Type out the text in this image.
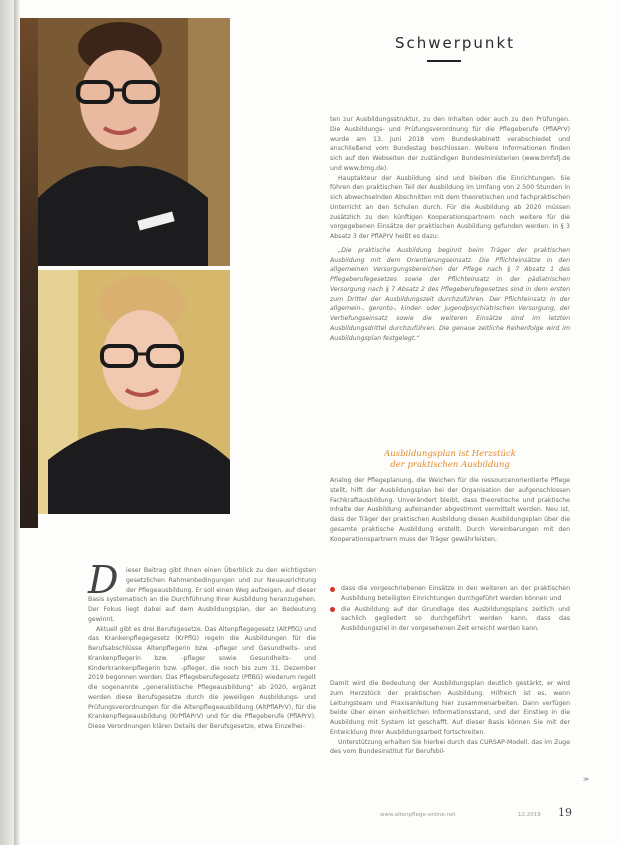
Schwerpunkt

ten zur Ausbildungsstruktur, zu den Inhalten oder auch zu den Prüfungen. Die Ausbildungs- und Prüfungsverordnung für die Pflegeberufe (PflAPrV) wurde am 13. Juni 2018 vom Bundeskabinett verabschiedet und anschließend vom Bundestag beschlossen. Weitere Informationen finden sich auf den Webseiten der zuständigen Bundesministerien (www.bmfsfj.de und www.bmg.de).

Hauptakteur der Ausbildung sind und bleiben die Einrichtungen. Sie führen den praktischen Teil der Ausbildung im Umfang von 2.500 Stunden in sich abwechselnden Abschnitten mit dem theoretischen und fachpraktischen Unterricht an den Schulen durch. Für die Ausbildung ab 2020 müssen zusätzlich zu den künftigen Kooperationspartnern noch weitere für die vorgegebenen Einsätze der praktischen Ausbildung gefunden werden. In § 3 Absatz 3 der PflAPrV heißt es dazu:

„Die praktische Ausbildung beginnt beim Träger der praktischen Ausbildung mit dem Orientierungseinsatz. Die Pflichteinsätze in den allgemeinen Versorgungsbereichen der Pflege nach § 7 Absatz 1 des Pflegeberufegesetzes sowie der Pflichteinsatz in der pädiatrischen Versorgung nach § 7 Absatz 2 des Pflegeberufegesetzes sind in dem ersten zum Drittel der Ausbildungszeit durchzuführen. Der Pflichteinsatz in der allgemein-, geronto-, kinder- oder jugendpsychiatrischen Versorgung, der Vertiefungseinsatz sowie die weiteren Einsätze sind im letzten Ausbildungsdrittel durchzuführen. Die genaue zeitliche Reihenfolge wird im Ausbildungsplan festgelegt.“

Ausbildungsplan ist Herzstück
der praktischen Ausbildung

Analog der Pflegeplanung, die Weichen für die ressourcenorientierte Pflege stellt, hilft der Ausbildungsplan bei der Organisation der aufgenschlossen Fachkraftausbildung. Unverändert bleibt, dass theoretische und praktische Inhalte der Ausbildung aufeinander abgestimmt vermittelt werden. Neu ist, dass der Träger der praktischen Ausbildung diesen Ausbildungsplan über die gesamte praktische Ausbildung erstellt. Durch Vereinbarungen mit den Kooperationspartnern muss der Träger gewährleisten,

dass die vorgeschriebenen Einsätze in den weiteren an der praktischen Ausbildung beteiligten Einrichtungen durchgeführt werden können und
die Ausbildung auf der Grundlage des Ausbildungsplans zeitlich und sachlich gegliedert so durchgeführt werden kann, dass das Ausbildungsziel in der vorgesehenen Zeit erreicht werden kann.

Damit wird die Bedeutung der Ausbildungsplan deutlich gestärkt, er wird zum Herzstück der praktischen Ausbildung. Hilfreich ist es, wenn Leitungsteam und Praxisanleitung hier zusammenarbeiten. Dann verfügen beide über einen einheitlichen Informationsstand, und der Einstieg in die Ausbildung mit System ist geschafft. Auf dieser Basis können Sie mit der Entwicklung Ihrer Ausbildungsarbeit fortschreiten.

Unterstützung erhalten Sie hierbei durch das CURSAP-Modell, das im Zuge des vom Bundesinstitut für Berufsbil-

D	ieser Beitrag gibt Ihnen einen Überblick zu den wichtigsten gesetzlichen Rahmenbedingungen und zur Neuausrichtung der Pflegeausbildung. Er soll einen Weg aufzeigen, auf dieser Basis systematisch an die Durchführung Ihrer Ausbildung heranzugehen. Der Fokus liegt dabei auf dem Ausbildungsplan, der an Bedeutung gewinnt.

Aktuell gibt es drei Berufsgesetze. Das Altenpflegegesetz (AltPflG) und das Krankenpflegegesetz (KrPflG) regeln die Ausbildungen für die Berufsabschlüsse Altenpflegerin bzw. -pfleger und Gesundheits- und Krankenpflegerin bzw. -pfleger sowie Gesundheits- und Kinderkrankenpflegerin bzw. -pfleger, die noch bis zum 31. Dezember 2019 begonnen werden. Das Pflegeberufegesetz (PflBG) wiederum regelt die sogenannte „generalistische Pflegeausbildung“ ab 2020, ergänzt werden diese Berufsgesetze durch die jeweiligen Ausbildungs- und Prüfungsverordnungen für die Altenpflegeausbildung (AltPflAPrV), für die Krankenpflegeausbildung (KrPflAPrV) und für die Pflegeberufe (PflAPrV). Diese Verordnungen klären Details der Berufsgesetze, etwa Einzelhei-

www.altenpflege-online.net	12.2019 19
≫
